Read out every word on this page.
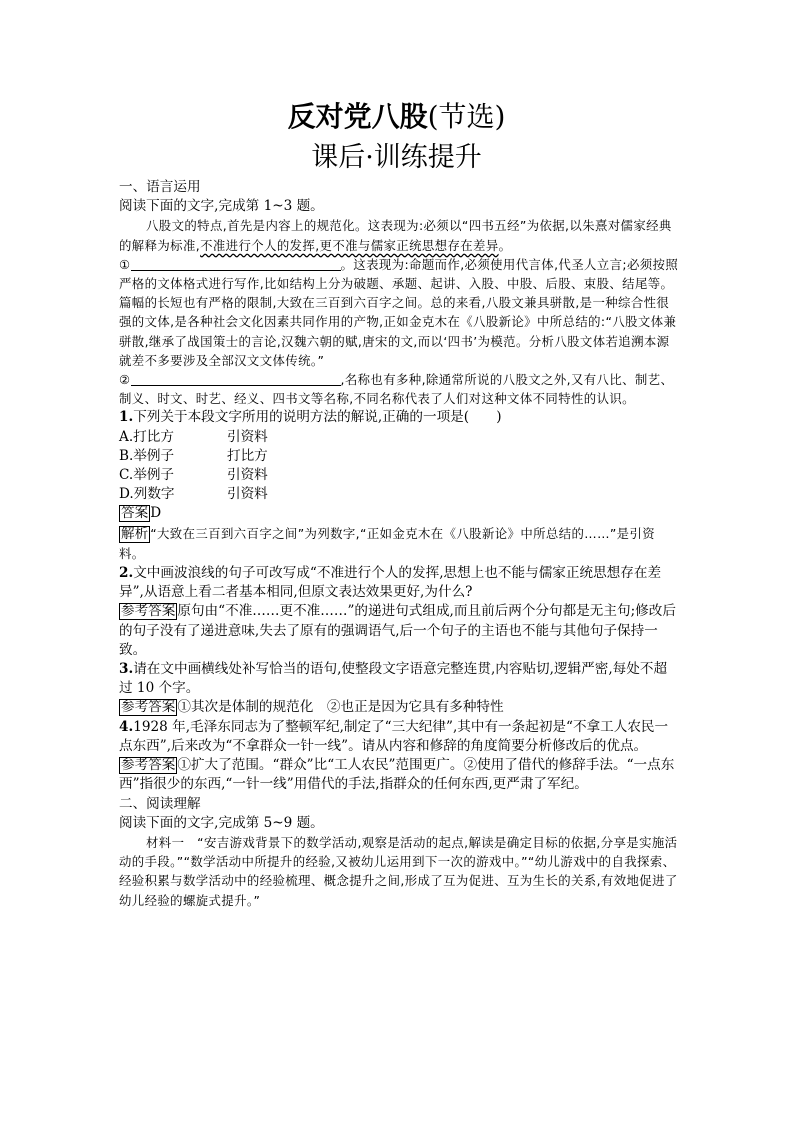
反对党八股(节选)
课后·训练提升

一、语言运用

阅读下面的文字,完成第 1~3 题。

八股文的特点,首先是内容上的规范化。这表现为:必须以“四书五经”为依据,以朱熹对儒家经典的解释为标准,不准进行个人的发挥,更不准与儒家正统思想存在差异。

①	。这表现为:命题而作,必须使用代言体,代圣人立言;必须按照严格的文体格式进行写作,比如结构上分为破题、承题、起讲、入股、中股、后股、束股、结尾等。篇幅的长短也有严格的限制,大致在三百到六百字之间。总的来看,八股文兼具骈散,是一种综合性很强的文体,是各种社会文化因素共同作用的产物,正如金克木在《八股新论》中所总结的:“八股文体兼骈散,继承了战国策士的言论,汉魏六朝的赋,唐宋的文,而以‘四书’为模范。分析八股文体若追溯本源就差不多要涉及全部汉文文体传统。”

②	,名称也有多种,除通常所说的八股文之外,又有八比、制艺、制义、时文、时艺、经义、四书文等名称,不同名称代表了人们对这种文体不同特性的认识。

1.下列关于本段文字所用的说明方法的解说,正确的一项是(　　)

A.打比方	引资料
B.举例子	打比方
C.举例子	引资料
D.列数字	引资料

答案 D

解析 “大致在三百到六百字之间”为列数字,“正如金克木在《八股新论》中所总结的……”是引资料。

2.文中画波浪线的句子可改写成“不准进行个人的发挥,思想上也不能与儒家正统思想存在差异”,从语意上看二者基本相同,但原文表达效果更好,为什么?

参考答案 原句由“不准……更不准……”的递进句式组成,而且前后两个分句都是无主句;修改后的句子没有了递进意味,失去了原有的强调语气,后一个句子的主语也不能与其他句子保持一致。

3.请在文中画横线处补写恰当的语句,使整段文字语意完整连贯,内容贴切,逻辑严密,每处不超过 10 个字。

参考答案 ①其次是体制的规范化　②也正是因为它具有多种特性

4.1928 年,毛泽东同志为了整顿军纪,制定了“三大纪律”,其中有一条起初是“不拿工人农民一点东西”,后来改为“不拿群众一针一线”。请从内容和修辞的角度简要分析修改后的优点。

参考答案 ①扩大了范围。“群众”比“工人农民”范围更广。②使用了借代的修辞手法。“一点东西”指很少的东西,“一针一线”用借代的手法,指群众的任何东西,更严肃了军纪。

二、阅读理解

阅读下面的文字,完成第 5~9 题。

材料一　“安吉游戏背景下的数学活动,观察是活动的起点,解读是确定目标的依据,分享是实施活动的手段。”“数学活动中所提升的经验,又被幼儿运用到下一次的游戏中。”“幼儿游戏中的自我探索、经验积累与数学活动中的经验梳理、概念提升之间,形成了互为促进、互为生长的关系,有效地促进了幼儿经验的螺旋式提升。”
